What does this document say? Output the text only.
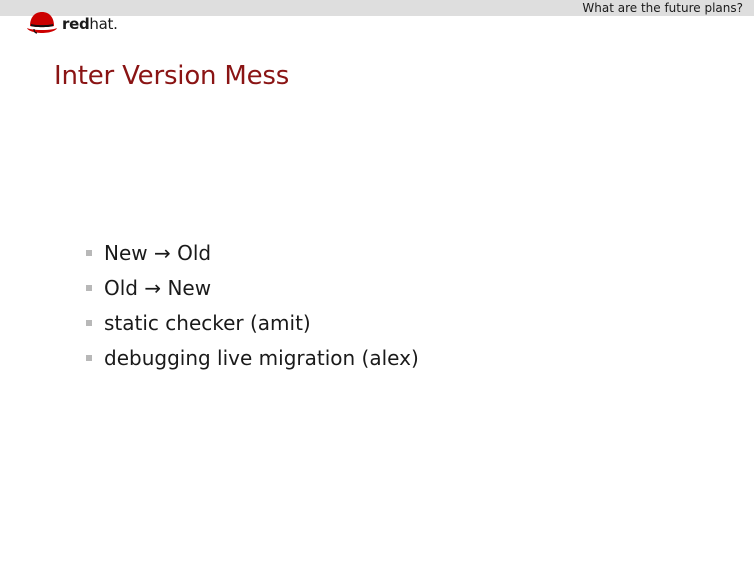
What are the future plans?
redhat.
Inter Version Mess
New → Old
Old → New
static checker (amit)
debugging live migration (alex)
